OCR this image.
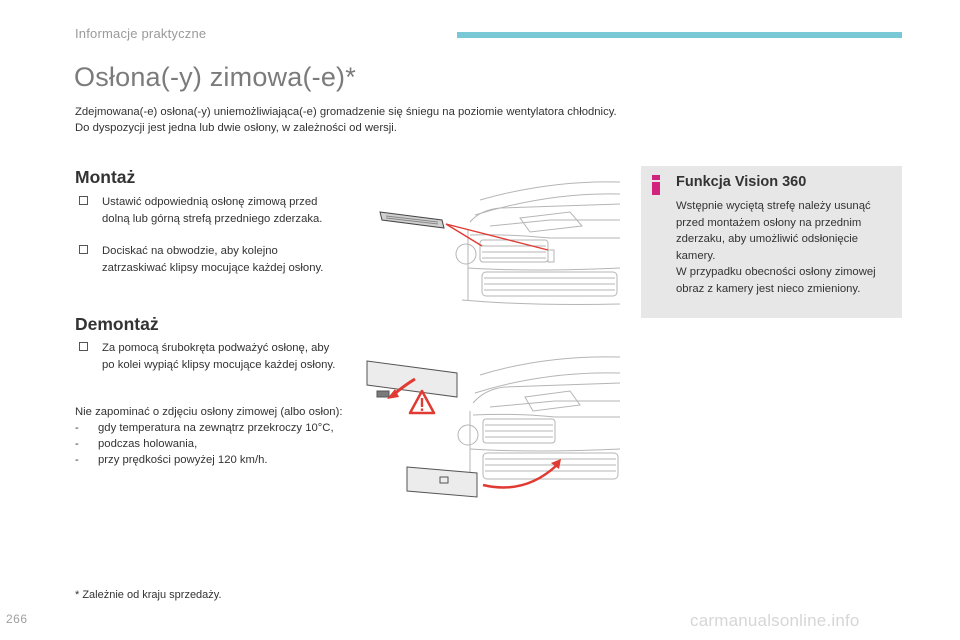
Informacje praktyczne
Osłona(-y) zimowa(-e)*

Zdejmowana(-e) osłona(-y) uniemożliwiająca(-e) gromadzenie się śniegu na poziomie wentylatora chłodnicy.

Do dyspozycji jest jedna lub dwie osłony, w zależności od wersji.

Montaż
Ustawić odpowiednią osłonę zimową przed dolną lub górną strefą przedniego zderzaka.
Dociskać na obwodzie, aby kolejno zatrzaskiwać klipsy mocujące każdej osłony.
Demontaż
Za pomocą śrubokręta podważyć osłonę, aby po kolei wypiąć klipsy mocujące każdej osłony.

Nie zapominać o zdjęciu osłony zimowej (albo osłon):

- gdy temperatura na zewnątrz przekroczy 10°C,
- podczas holowania,
- przy prędkości powyżej 120 km/h.
Funkcja Vision 360

Wstępnie wyciętą strefę należy usunąć przed montażem osłony na przednim zderzaku, aby umożliwić odsłonięcie kamery.

W przypadku obecności osłony zimowej obraz z kamery jest nieco zmieniony.

* Zależnie od kraju sprzedaży.
266	carmanualsonline.info
